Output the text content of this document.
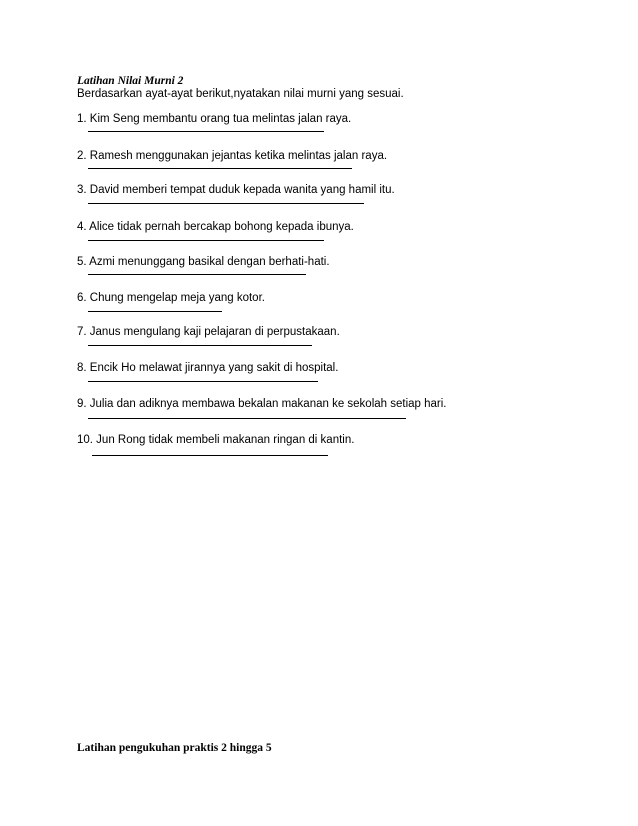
Latihan Nilai Murni 2
Berdasarkan ayat-ayat berikut,nyatakan nilai murni yang sesuai.
1. Kim Seng membantu orang tua melintas jalan raya.
2. Ramesh menggunakan jejantas ketika melintas jalan raya.
3. David memberi tempat duduk kepada wanita yang hamil itu.
4. Alice tidak pernah bercakap bohong kepada ibunya.
5. Azmi menunggang basikal dengan berhati-hati.
6. Chung mengelap meja yang kotor.
7. Janus mengulang kaji pelajaran di perpustakaan.
8. Encik Ho melawat jirannya yang sakit di hospital.
9. Julia dan adiknya membawa bekalan makanan ke sekolah setiap hari.
10. Jun Rong tidak membeli makanan ringan di kantin.
Latihan pengukuhan praktis 2 hingga 5
